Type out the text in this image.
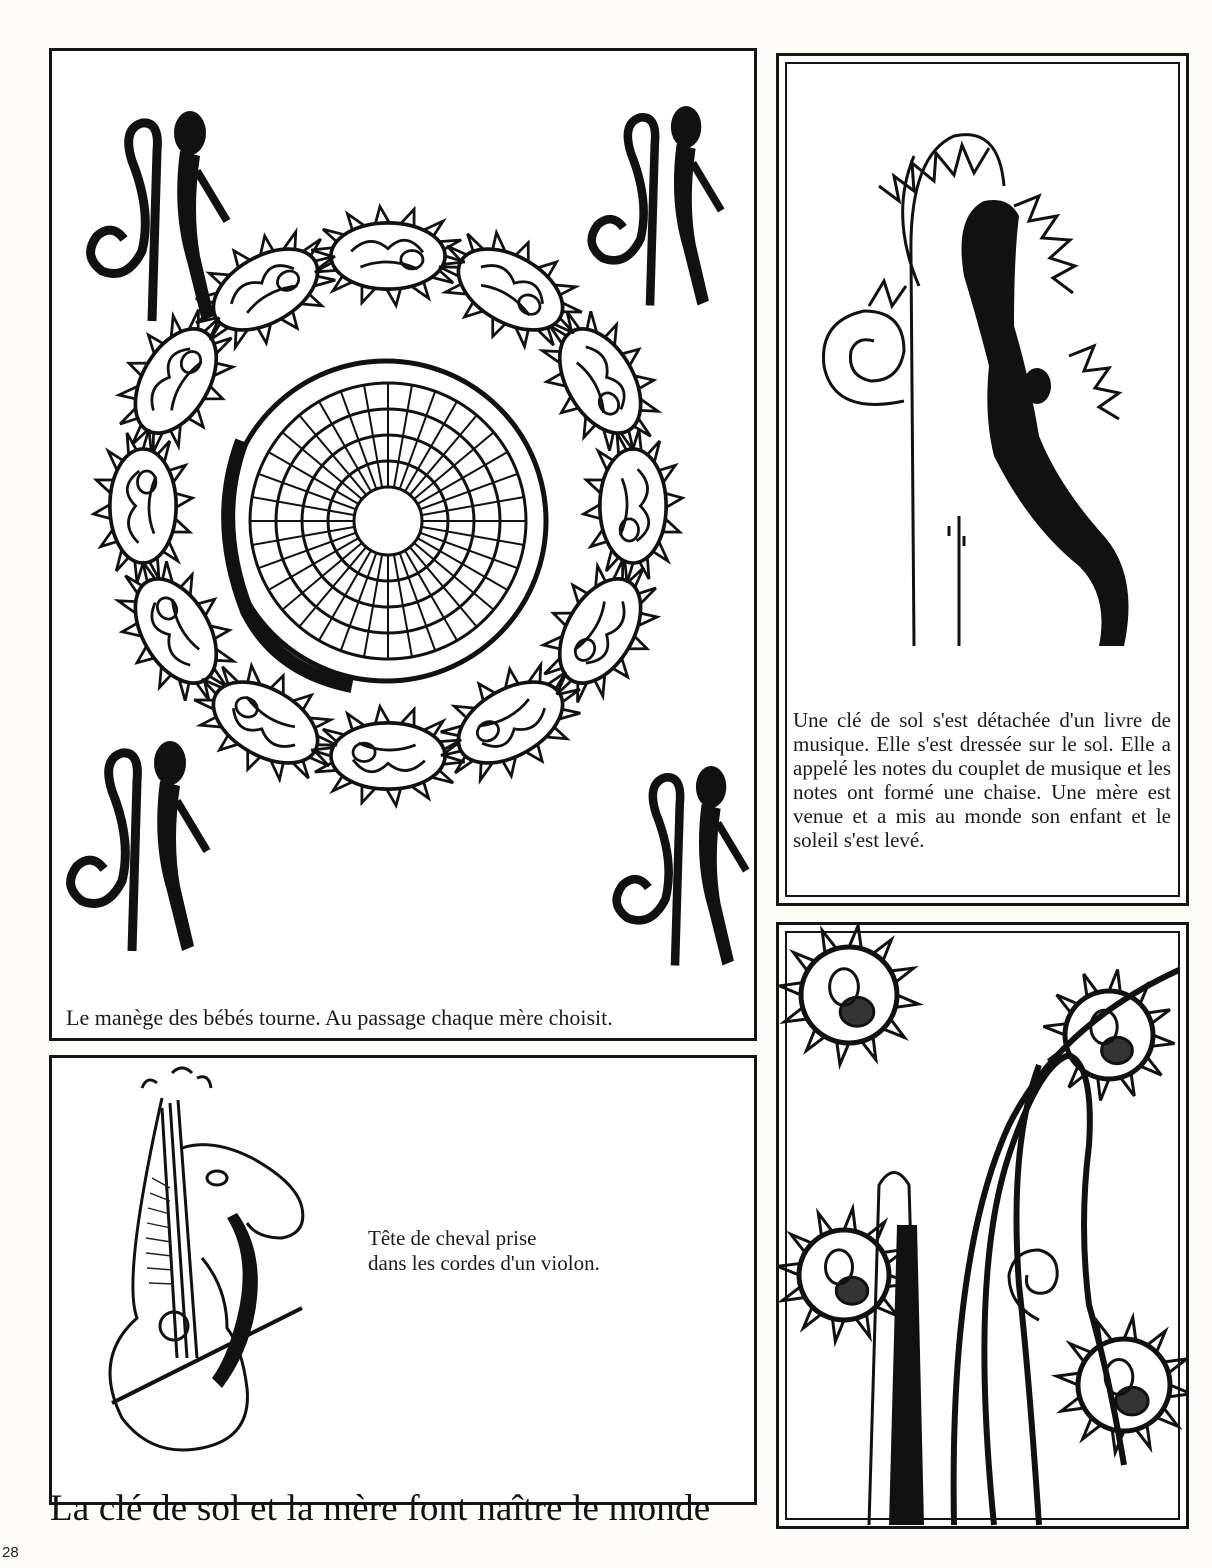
Le manège des bébés tourne. Au passage chaque mère choisit.
Tête de cheval prise
dans les cordes d'un violon.
Une clé de sol s'est détachée d'un livre de musique. Elle s'est dressée sur le sol. Elle a appelé les notes du couplet de musique et les notes ont formé une chaise. Une mère est venue et a mis au monde son enfant et le soleil s'est levé.
La clé de sol et la mère font naître le monde
28
